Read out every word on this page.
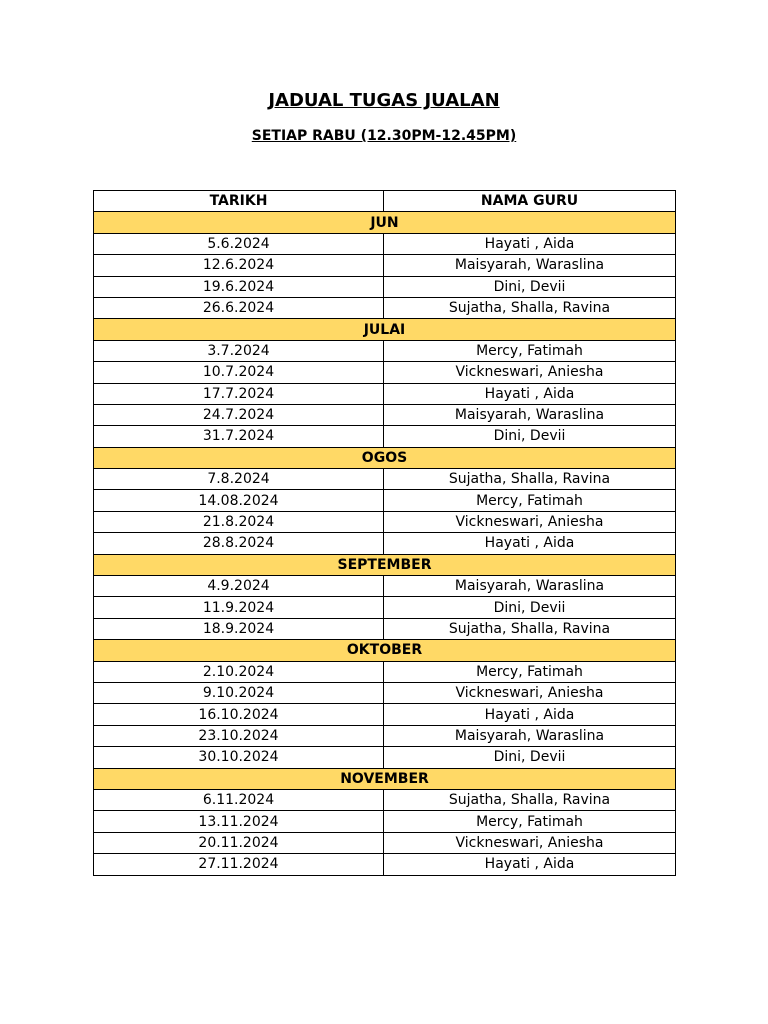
JADUAL TUGAS JUALAN
SETIAP RABU (12.30PM-12.45PM)
TARIKH	NAMA GURU
JUN	
5.6.2024	Hayati , Aida
12.6.2024	Maisyarah, Waraslina
19.6.2024	Dini, Devii
26.6.2024	Sujatha, Shalla, Ravina
JULAI	
3.7.2024	Mercy, Fatimah
10.7.2024	Vickneswari, Aniesha
17.7.2024	Hayati , Aida
24.7.2024	Maisyarah, Waraslina
31.7.2024	Dini, Devii
OGOS	
7.8.2024	Sujatha, Shalla, Ravina
14.08.2024	Mercy, Fatimah
21.8.2024	Vickneswari, Aniesha
28.8.2024	Hayati , Aida
SEPTEMBER	
4.9.2024	Maisyarah, Waraslina
11.9.2024	Dini, Devii
18.9.2024	Sujatha, Shalla, Ravina
OKTOBER	
2.10.2024	Mercy, Fatimah
9.10.2024	Vickneswari, Aniesha
16.10.2024	Hayati , Aida
23.10.2024	Maisyarah, Waraslina
30.10.2024	Dini, Devii
NOVEMBER	
6.11.2024	Sujatha, Shalla, Ravina
13.11.2024	Mercy, Fatimah
20.11.2024	Vickneswari, Aniesha
27.11.2024	Hayati , Aida
